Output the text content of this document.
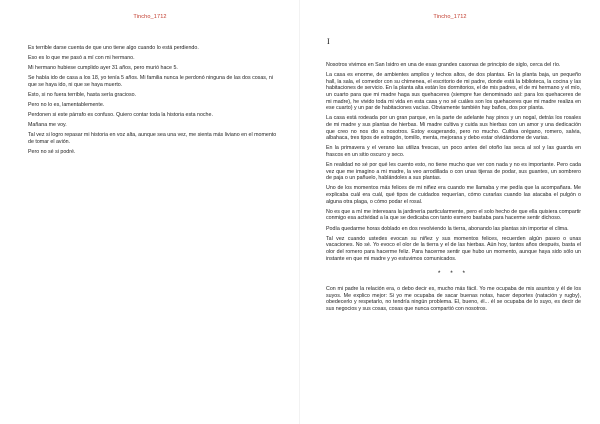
Tincho_1712

Es terrible darse cuenta de que uno tiene algo cuando lo está perdiendo.

Eso es lo que me pasó a mí con mi hermano.

Mi hermano hubiese cumplido ayer 31 años, pero murió hace 5.

Se había ido de casa a los 18, yo tenía 5 años. Mi familia nunca le perdonó ninguna de las dos cosas, ni que se haya ido, ni que se haya muerto.

Esto, si no fuera terrible, hasta sería gracioso.

Pero no lo es, lamentablemente.

Perdonen si este párrafo es confuso. Quiero contar toda la historia esta noche.

Mañana me voy.

Tal vez si logro repasar mi historia en voz alta, aunque sea una vez, me sienta más liviano en el momento de tomar el avión.

Pero no sé si podré.

Tincho_1712
I

Nosotros vivimos en San Isidro en una de esas grandes casonas de principio de siglo, cerca del río.

La casa es enorme, de ambientes amplios y techos altos, de dos plantas. En la planta baja, un pequeño hall, la sala, el comedor con su chimenea, el escritorio de mi padre, donde está la biblioteca, la cocina y las habitaciones de servicio. En la planta alta están los dormitorios, el de mis padres, el de mi hermano y el mío, un cuarto para que mi madre haga sus quehaceres (siempre fue denominado así: para los quehaceres de mi madre), he vivido toda mi vida en esta casa y no sé cuáles son los quehaceres que mi madre realiza en ese cuarto) y un par de habitaciones vacías. Obviamente también hay baños, dos por planta.

La casa está rodeada por un gran parque, en la parte de adelante hay pinos y un nogal, detrás los rosales de mi madre y sus plantas de hierbas. Mi madre cultiva y cuida sus hierbas con un amor y una dedicación que creo no nos dio a nosotros. Estoy exagerando, pero no mucho. Cultiva orégano, romero, salvia, albahaca, tres tipos de estragón, tomillo, menta, mejorana y debo estar olvidándome de varias.

En la primavera y el verano las utiliza frescas, un poco antes del otoño las seca al sol y las guarda en frascos en un sitio oscuro y seco.

En realidad no sé por qué les cuento esto, no tiene mucho que ver con nada y no es importante. Pero cada vez que me imagino a mi madre, la veo arrodillada o con unas tijeras de podar, sus guantes, un sombrero de paja o un pañuelo, hablándoles a sus plantas.

Uno de los momentos más felices de mi niñez era cuando me llamaba y me pedía que la acompañara. Me explicaba cuál era cuál, qué tipos de cuidados requerían, cómo curarlas cuando las atacaba el pulgón o alguna otra plaga, o cómo podar el rosal.

No es que a mí me interesara la jardinería particularmente, pero el solo hecho de que ella quisiera compartir conmigo esa actividad a la que se dedicaba con tanto esmero bastaba para hacerme sentir dichoso.

Podía quedarme horas doblado en dos revolviendo la tierra, abonando las plantas sin importar el clima.

Tal vez cuando ustedes evocan su niñez y sus momentos felices, recuerden algún paseo o unas vacaciones. No sé. Yo evoco el olor de la tierra y el de las hierbas. Aún hoy, tantos años después, basta el olor del romero para hacerme feliz. Para hacerme sentir que hubo un momento, aunque haya sido sólo un instante en que mi madre y yo estuvimos comunicados.

* * *

Con mi padre la relación era, o debo decir es, mucho más fácil. Yo me ocupaba de mis asuntos y él de los suyos. Me explico mejor: Si yo me ocupaba de sacar buenas notas, hacer deportes (natación y rugby), obedecerlo y respetarlo, no tendría ningún problema. El, bueno, él... él se ocupaba de lo suyo, es decir de sus negocios y sus cosas, cosas que nunca compartió con nosotros.
